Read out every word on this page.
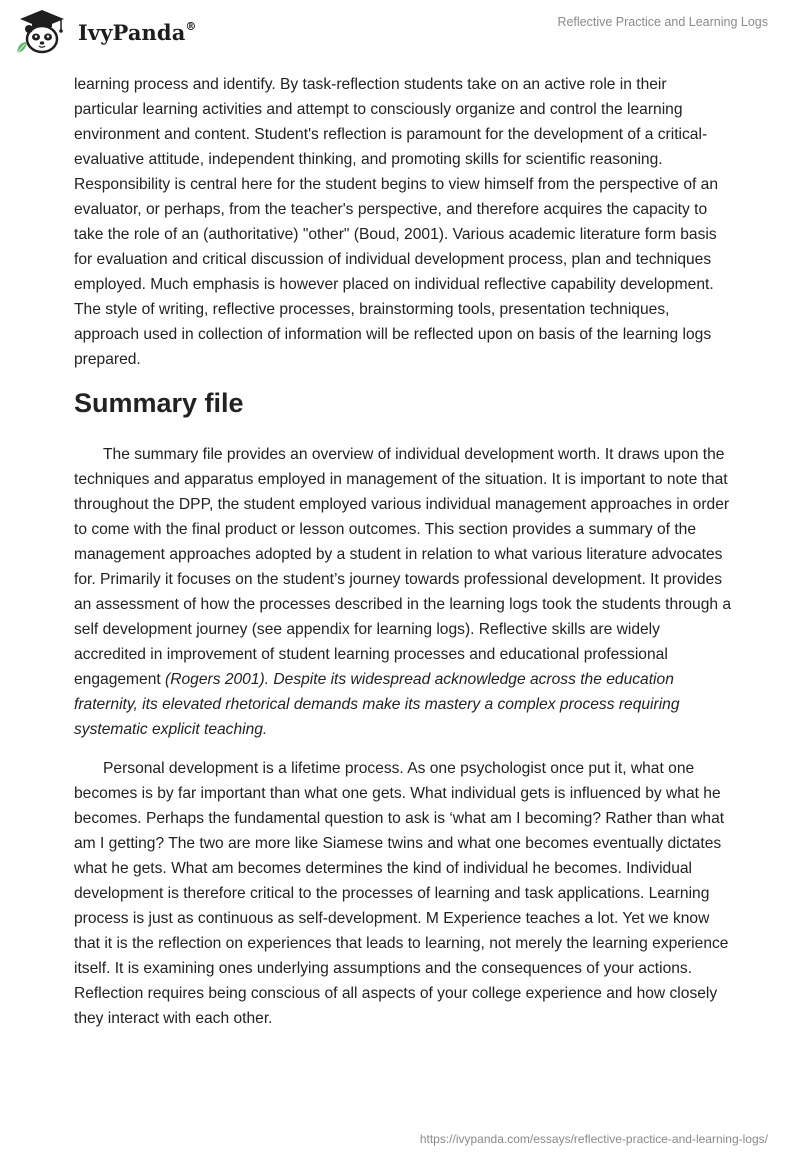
IvyPanda®	Reflective Practice and Learning Logs

learning process and identify. By task-reflection students take on an active role in their particular learning activities and attempt to consciously organize and control the learning environment and content. Student's reflection is paramount for the development of a critical-evaluative attitude, independent thinking, and promoting skills for scientific reasoning. Responsibility is central here for the student begins to view himself from the perspective of an evaluator, or perhaps, from the teacher's perspective, and therefore acquires the capacity to take the role of an (authoritative) "other" (Boud, 2001). Various academic literature form basis for evaluation and critical discussion of individual development process, plan and techniques employed. Much emphasis is however placed on individual reflective capability development. The style of writing, reflective processes, brainstorming tools, presentation techniques, approach used in collection of information will be reflected upon on basis of the learning logs prepared.

Summary file

The summary file provides an overview of individual development worth. It draws upon the techniques and apparatus employed in management of the situation. It is important to note that throughout the DPP, the student employed various individual management approaches in order to come with the final product or lesson outcomes. This section provides a summary of the management approaches adopted by a student in relation to what various literature advocates for. Primarily it focuses on the student’s journey towards professional development. It provides an assessment of how the processes described in the learning logs took the students through a self development journey (see appendix for learning logs). Reflective skills are widely accredited in improvement of student learning processes and educational professional engagement (Rogers 2001). Despite its widespread acknowledge across the education fraternity, its elevated rhetorical demands make its mastery a complex process requiring systematic explicit teaching.

Personal development is a lifetime process. As one psychologist once put it, what one becomes is by far important than what one gets. What individual gets is influenced by what he becomes. Perhaps the fundamental question to ask is ‘what am I becoming? Rather than what am I getting? The two are more like Siamese twins and what one becomes eventually dictates what he gets. What am becomes determines the kind of individual he becomes. Individual development is therefore critical to the processes of learning and task applications. Learning process is just as continuous as self-development. M Experience teaches a lot. Yet we know that it is the reflection on experiences that leads to learning, not merely the learning experience itself. It is examining ones underlying assumptions and the consequences of your actions. Reflection requires being conscious of all aspects of your college experience and how closely they interact with each other.

https://ivypanda.com/essays/reflective-practice-and-learning-logs/
